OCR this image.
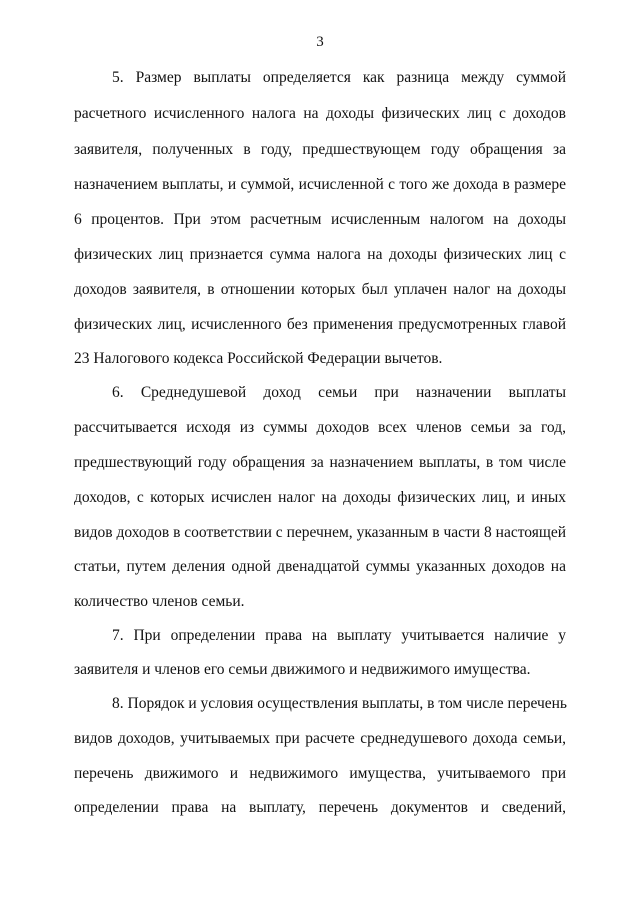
3
5. Размер выплаты определяется как разница между суммой
расчетного исчисленного налога на доходы физических лиц с доходов
заявителя, полученных в году, предшествующем году обращения за
назначением выплаты, и суммой, исчисленной с того же дохода в размере
6 процентов. При этом расчетным исчисленным налогом на доходы
физических лиц признается сумма налога на доходы физических лиц с
доходов заявителя, в отношении которых был уплачен налог на доходы
физических лиц, исчисленного без применения предусмотренных главой
23 Налогового кодекса Российской Федерации вычетов.
6. Среднедушевой доход семьи при назначении выплаты
рассчитывается исходя из суммы доходов всех членов семьи за год,
предшествующий году обращения за назначением выплаты, в том числе
доходов, с которых исчислен налог на доходы физических лиц, и иных
видов доходов в соответствии с перечнем, указанным в части 8 настоящей
статьи, путем деления одной двенадцатой суммы указанных доходов на
количество членов семьи.
7. При определении права на выплату учитывается наличие у
заявителя и членов его семьи движимого и недвижимого имущества.
8. Порядок и условия осуществления выплаты, в том числе перечень
видов доходов, учитываемых при расчете среднедушевого дохода семьи,
перечень движимого и недвижимого имущества, учитываемого при
определении права на выплату, перечень документов и сведений,
